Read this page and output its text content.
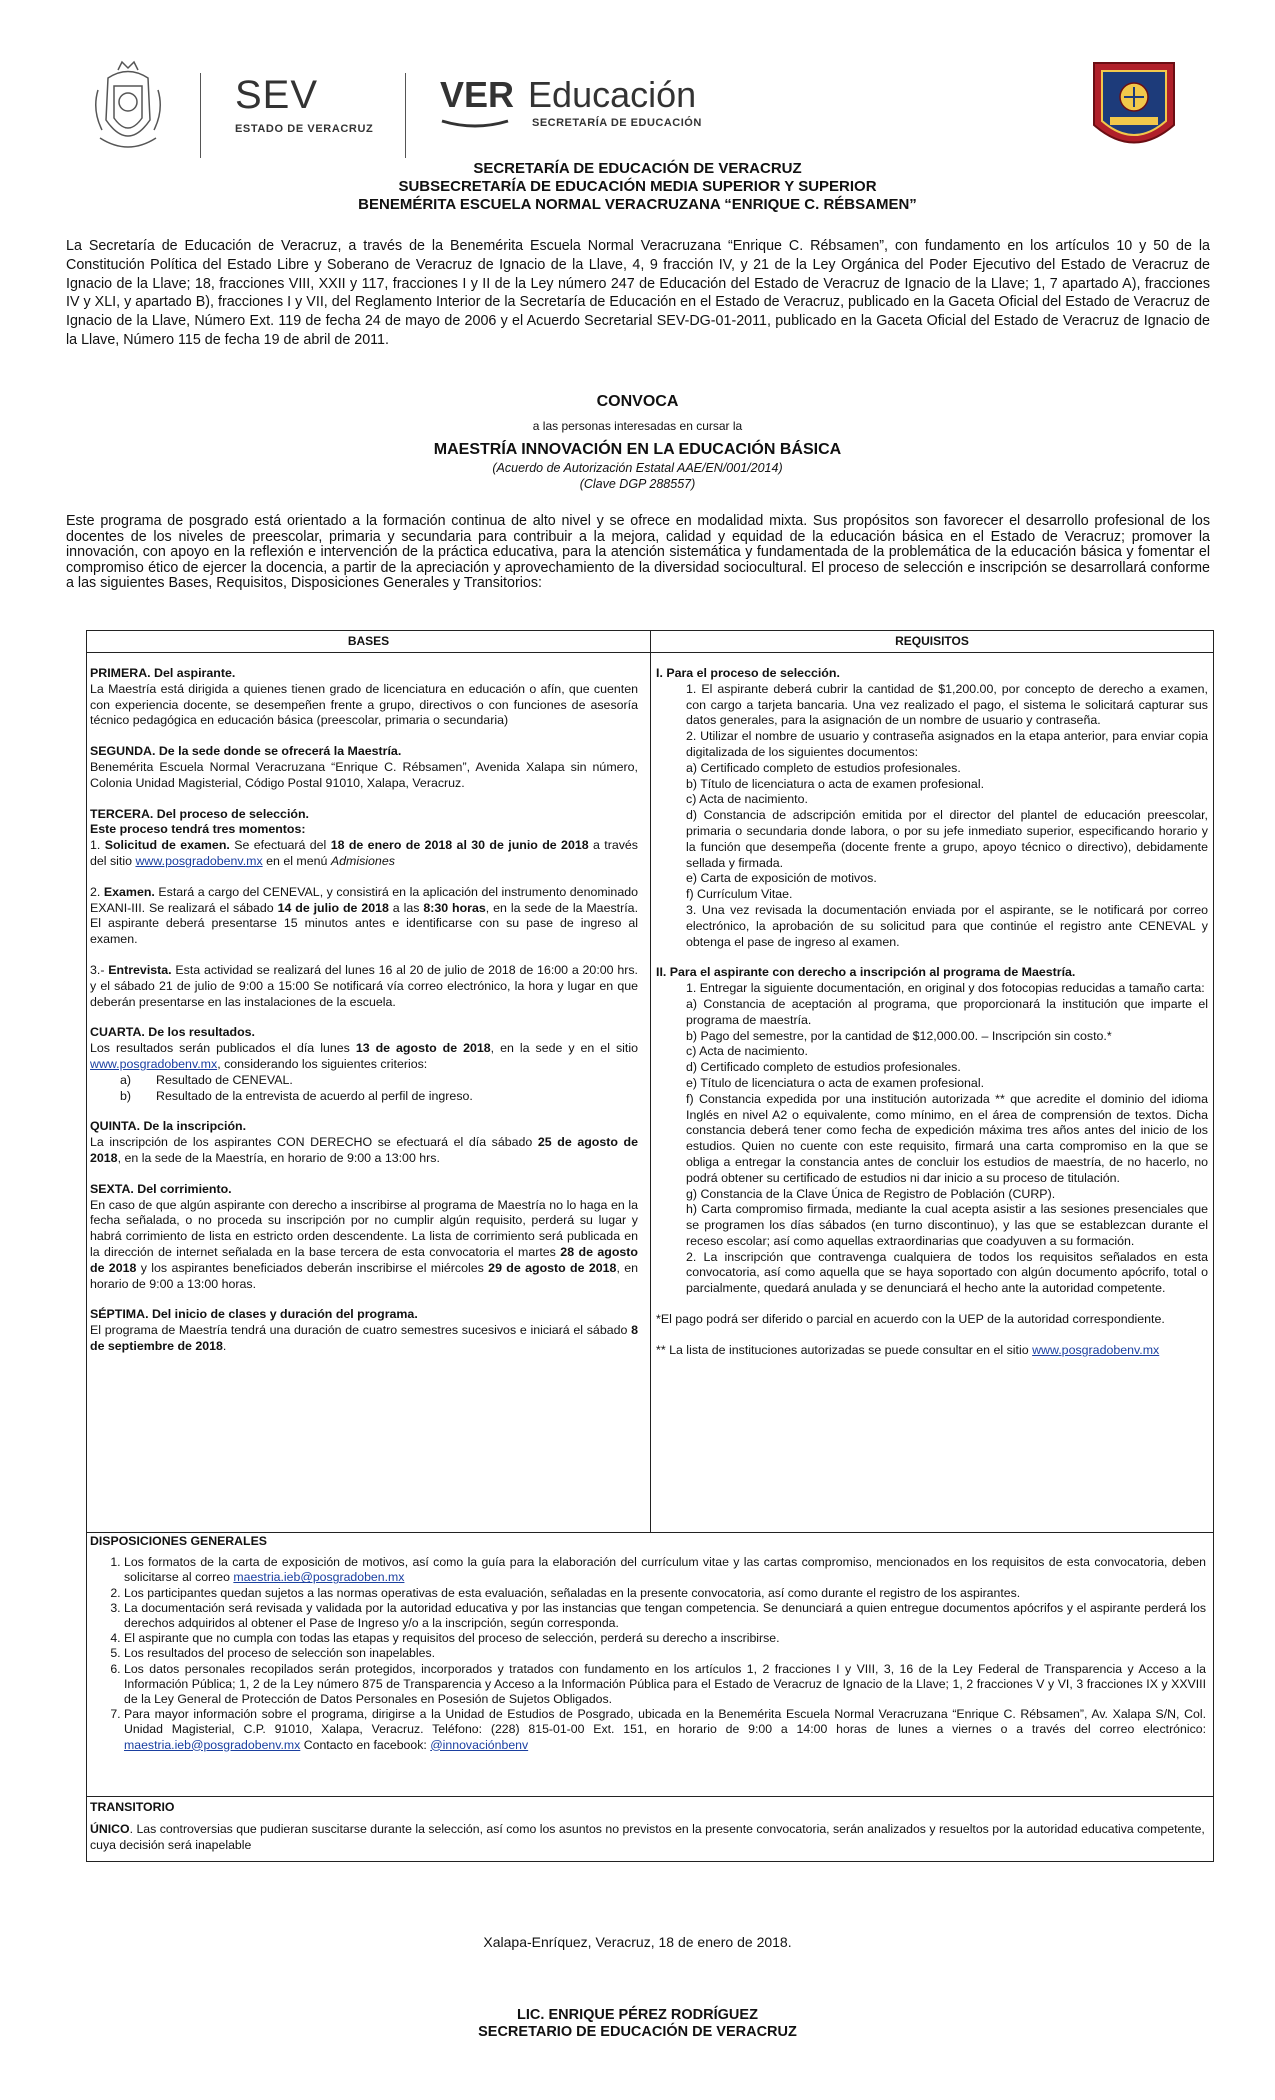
SEV
ESTADO DE VERACRUZ
VER Educación
SECRETARÍA DE EDUCACIÓN
SECRETARÍA DE EDUCACIÓN DE VERACRUZ
SUBSECRETARÍA DE EDUCACIÓN MEDIA SUPERIOR Y SUPERIOR
BENEMÉRITA ESCUELA NORMAL VERACRUZANA “ENRIQUE C. RÉBSAMEN”
La Secretaría de Educación de Veracruz, a través de la Benemérita Escuela Normal Veracruzana “Enrique C. Rébsamen”, con fundamento en los artículos 10 y 50 de la Constitución Política del Estado Libre y Soberano de Veracruz de Ignacio de la Llave, 4, 9 fracción IV, y 21 de la Ley Orgánica del Poder Ejecutivo del Estado de Veracruz de Ignacio de la Llave; 18, fracciones VIII, XXII y 117, fracciones I y II de la Ley número 247 de Educación del Estado de Veracruz de Ignacio de la Llave; 1, 7 apartado A), fracciones IV y XLI, y apartado B), fracciones I y VII, del Reglamento Interior de la Secretaría de Educación en el Estado de Veracruz, publicado en la Gaceta Oficial del Estado de Veracruz de Ignacio de la Llave, Número Ext. 119 de fecha 24 de mayo de 2006 y el Acuerdo Secretarial SEV-DG-01-2011, publicado en la Gaceta Oficial del Estado de Veracruz de Ignacio de la Llave, Número 115 de fecha 19 de abril de 2011.
CONVOCA
a las personas interesadas en cursar la
MAESTRÍA INNOVACIÓN EN LA EDUCACIÓN BÁSICA
(Acuerdo de Autorización Estatal AAE/EN/001/2014)
(Clave DGP 288557)
Este programa de posgrado está orientado a la formación continua de alto nivel y se ofrece en modalidad mixta. Sus propósitos son favorecer el desarrollo profesional de los docentes de los niveles de preescolar, primaria y secundaria para contribuir a la mejora, calidad y equidad de la educación básica en el Estado de Veracruz; promover la innovación, con apoyo en la reflexión e intervención de la práctica educativa, para la atención sistemática y fundamentada de la problemática de la educación básica y fomentar el compromiso ético de ejercer la docencia, a partir de la apreciación y aprovechamiento de la diversidad sociocultural. El proceso de selección e inscripción se desarrollará conforme a las siguientes Bases, Requisitos, Disposiciones Generales y Transitorios:
BASES	REQUISITOS
PRIMERA. Del aspirante.

La Maestría está dirigida a quienes tienen grado de licenciatura en educación o afín, que cuenten con experiencia docente, se desempeñen frente a grupo, directivos o con funciones de asesoría técnico pedagógica en educación básica (preescolar, primaria o secundaria)

SEGUNDA. De la sede donde se ofrecerá la Maestría.

Benemérita Escuela Normal Veracruzana “Enrique C. Rébsamen”, Avenida Xalapa sin número, Colonia Unidad Magisterial, Código Postal 91010, Xalapa, Veracruz.

TERCERA. Del proceso de selección.
Este proceso tendrá tres momentos:

1. Solicitud de examen. Se efectuará del 18 de enero de 2018 al 30 de junio de 2018 a través del sitio www.posgradobenv.mx en el menú Admisiones

2. Examen. Estará a cargo del CENEVAL, y consistirá en la aplicación del instrumento denominado EXANI-III. Se realizará el sábado 14 de julio de 2018 a las 8:30 horas, en la sede de la Maestría. El aspirante deberá presentarse 15 minutos antes e identificarse con su pase de ingreso al examen.

3.- Entrevista. Esta actividad se realizará del lunes 16 al 20 de julio de 2018 de 16:00 a 20:00 hrs. y el sábado 21 de julio de 9:00 a 15:00 Se notificará vía correo electrónico, la hora y lugar en que deberán presentarse en las instalaciones de la escuela.

CUARTA. De los resultados.
Los resultados serán publicados el día lunes 13 de agosto de 2018, en la sede y en el sitio www.posgradobenv.mx, considerando los siguientes criterios:
a) Resultado de CENEVAL.

b) Resultado de la entrevista de acuerdo al perfil de ingreso.

QUINTA. De la inscripción.

La inscripción de los aspirantes CON DERECHO se efectuará el día sábado 25 de agosto de 2018, en la sede de la Maestría, en horario de 9:00 a 13:00 hrs.

SEXTA. Del corrimiento.

En caso de que algún aspirante con derecho a inscribirse al programa de Maestría no lo haga en la fecha señalada, o no proceda su inscripción por no cumplir algún requisito, perderá su lugar y habrá corrimiento de lista en estricto orden descendente. La lista de corrimiento será publicada en la dirección de internet señalada en la base tercera de esta convocatoria el martes 28 de agosto de 2018 y los aspirantes beneficiados deberán inscribirse el miércoles 29 de agosto de 2018, en horario de 9:00 a 13:00 horas.

SÉPTIMA. Del inicio de clases y duración del programa.

El programa de Maestría tendrá una duración de cuatro semestres sucesivos e iniciará el sábado 8 de septiembre de 2018.

I. Para el proceso de selección.
1. El aspirante deberá cubrir la cantidad de $1,200.00, por concepto de derecho a examen, con cargo a tarjeta bancaria. Una vez realizado el pago, el sistema le solicitará capturar sus datos generales, para la asignación de un nombre de usuario y contraseña.
2. Utilizar el nombre de usuario y contraseña asignados en la etapa anterior, para enviar copia digitalizada de los siguientes documentos:
a) Certificado completo de estudios profesionales.
b) Título de licenciatura o acta de examen profesional.
c) Acta de nacimiento.
d) Constancia de adscripción emitida por el director del plantel de educación preescolar, primaria o secundaria donde labora, o por su jefe inmediato superior, especificando horario y la función que desempeña (docente frente a grupo, apoyo técnico o directivo), debidamente sellada y firmada.
e) Carta de exposición de motivos.
f) Currículum Vitae.

3. Una vez revisada la documentación enviada por el aspirante, se le notificará por correo electrónico, la aprobación de su solicitud para que continúe el registro ante CENEVAL y obtenga el pase de ingreso al examen.

II. Para el aspirante con derecho a inscripción al programa de Maestría.
1. Entregar la siguiente documentación, en original y dos fotocopias reducidas a tamaño carta:
a) Constancia de aceptación al programa, que proporcionará la institución que imparte el programa de maestría.
b) Pago del semestre, por la cantidad de $12,000.00. – Inscripción sin costo.*
c) Acta de nacimiento.
d) Certificado completo de estudios profesionales.
e) Título de licenciatura o acta de examen profesional.
f) Constancia expedida por una institución autorizada ** que acredite el dominio del idioma Inglés en nivel A2 o equivalente, como mínimo, en el área de comprensión de textos. Dicha constancia deberá tener como fecha de expedición máxima tres años antes del inicio de los estudios. Quien no cuente con este requisito, firmará una carta compromiso en la que se obliga a entregar la constancia antes de concluir los estudios de maestría, de no hacerlo, no podrá obtener su certificado de estudios ni dar inicio a su proceso de titulación.
g) Constancia de la Clave Única de Registro de Población (CURP).
h) Carta compromiso firmada, mediante la cual acepta asistir a las sesiones presenciales que se programen los días sábados (en turno discontinuo), y las que se establezcan durante el receso escolar; así como aquellas extraordinarias que coadyuven a su formación.

2. La inscripción que contravenga cualquiera de todos los requisitos señalados en esta convocatoria, así como aquella que se haya soportado con algún documento apócrifo, total o parcialmente, quedará anulada y se denunciará el hecho ante la autoridad competente.

*El pago podrá ser diferido o parcial en acuerdo con la UEP de la autoridad correspondiente.

** La lista de instituciones autorizadas se puede consultar en el sitio www.posgradobenv.mx
DISPOSICIONES GENERALES
1. Los formatos de la carta de exposición de motivos, así como la guía para la elaboración del currículum vitae y las cartas compromiso, mencionados en los requisitos de esta convocatoria, deben solicitarse al correo maestria.ieb@posgradoben.mx
2. Los participantes quedan sujetos a las normas operativas de esta evaluación, señaladas en la presente convocatoria, así como durante el registro de los aspirantes.
3. La documentación será revisada y validada por la autoridad educativa y por las instancias que tengan competencia. Se denunciará a quien entregue documentos apócrifos y el aspirante perderá los derechos adquiridos al obtener el Pase de Ingreso y/o a la inscripción, según corresponda.
4. El aspirante que no cumpla con todas las etapas y requisitos del proceso de selección, perderá su derecho a inscribirse.
5. Los resultados del proceso de selección son inapelables.
6. Los datos personales recopilados serán protegidos, incorporados y tratados con fundamento en los artículos 1, 2 fracciones I y VIII, 3, 16 de la Ley Federal de Transparencia y Acceso a la Información Pública; 1, 2 de la Ley número 875 de Transparencia y Acceso a la Información Pública para el Estado de Veracruz de Ignacio de la Llave; 1, 2 fracciones V y VI, 3 fracciones IX y XXVIII de la Ley General de Protección de Datos Personales en Posesión de Sujetos Obligados.
7. Para mayor información sobre el programa, dirigirse a la Unidad de Estudios de Posgrado, ubicada en la Benemérita Escuela Normal Veracruzana “Enrique C. Rébsamen”, Av. Xalapa S/N, Col. Unidad Magisterial, C.P. 91010, Xalapa, Veracruz. Teléfono: (228) 815-01-00 Ext. 151, en horario de 9:00 a 14:00 horas de lunes a viernes o a través del correo electrónico: maestria.ieb@posgradobenv.mx Contacto en facebook: @innovaciónbenv
TRANSITORIO
ÚNICO. Las controversias que pudieran suscitarse durante la selección, así como los asuntos no previstos en la presente convocatoria, serán analizados y resueltos por la autoridad educativa competente, cuya decisión será inapelable
Xalapa-Enríquez, Veracruz, 18 de enero de 2018.
LIC. ENRIQUE PÉREZ RODRÍGUEZ
SECRETARIO DE EDUCACIÓN DE VERACRUZ
